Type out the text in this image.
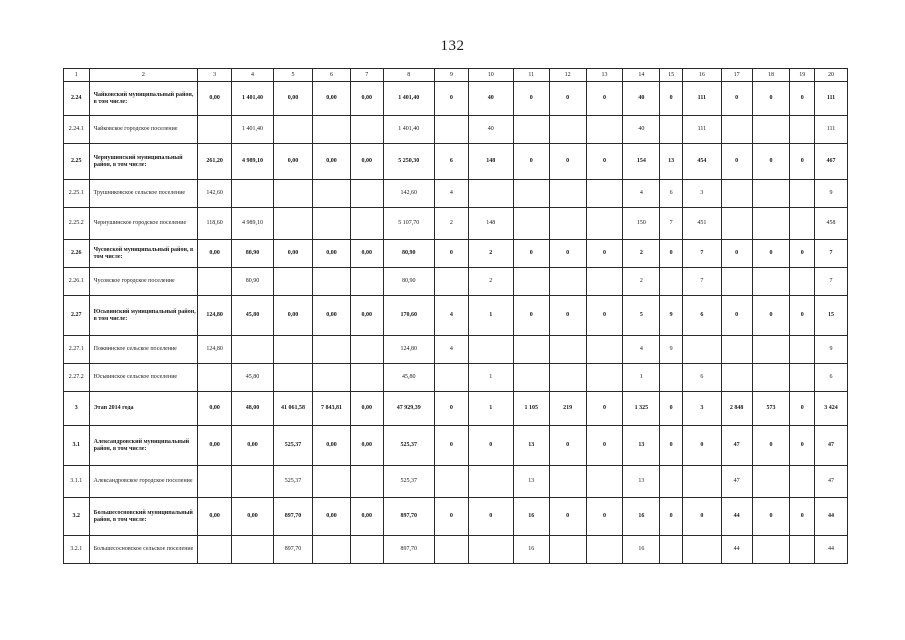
132
1	2	3	4	5	6	7	8	9	10	11	12	13	14	15	16	17	18	19	20
2.24	Чайковский муниципальный район, в том числе:	0,00	1 401,40	0,00	0,00	0,00	1 401,40	0	40	0	0	0	40	0	111	0	0	0	111
2.24.1	Чайковское городское поселение		1 401,40				1 401,40		40				40		111				111
2.25	Чернушинский муниципальный район, в том числе:	261,20	4 989,10	0,00	0,00	0,00	5 250,30	6	148	0	0	0	154	13	454	0	0	0	467
2.25.1	Трушниковское сельское поселение	142,60					142,60	4					4	6	3				9
2.25.2	Чернушинское городское поселение	118,60	4 989,10				5 107,70	2	148				150	7	451				458
2.26	Чусовской муниципальный район, в том числе:	0,00	80,90	0,00	0,00	0,00	80,90	0	2	0	0	0	2	0	7	0	0	0	7
2.26.1	Чусовское городское поселение		80,90				80,90		2				2		7				7
2.27	Юсьвинский муниципальный район, в том числе:	124,80	45,80	0,00	0,00	0,00	170,60	4	1	0	0	0	5	9	6	0	0	0	15
2.27.1	Пожвинское сельское поселение	124,80					124,80	4					4	9					9
2.27.2	Юсьвинское сельское поселение		45,80				45,80		1				1		6				6
3	Этап 2014 года	0,00	48,00	41 061,58	7 843,81	0,00	47 929,39	0	1	1 105	219	0	1 325	0	3	2 848	573	0	3 424
3.1	Александровский муниципальный район, в том числе:	0,00	0,00	525,37	0,00	0,00	525,37	0	0	13	0	0	13	0	0	47	0	0	47
3.1.1	Александровское городское поселение			525,37			525,37			13			13			47			47
3.2	Большесосновский муниципальный район, в том числе:	0,00	0,00	897,70	0,00	0,00	897,70	0	0	16	0	0	16	0	0	44	0	0	44
3.2.1	Большесосновское сельское поселение			897,70			897,70			16			16			44			44
